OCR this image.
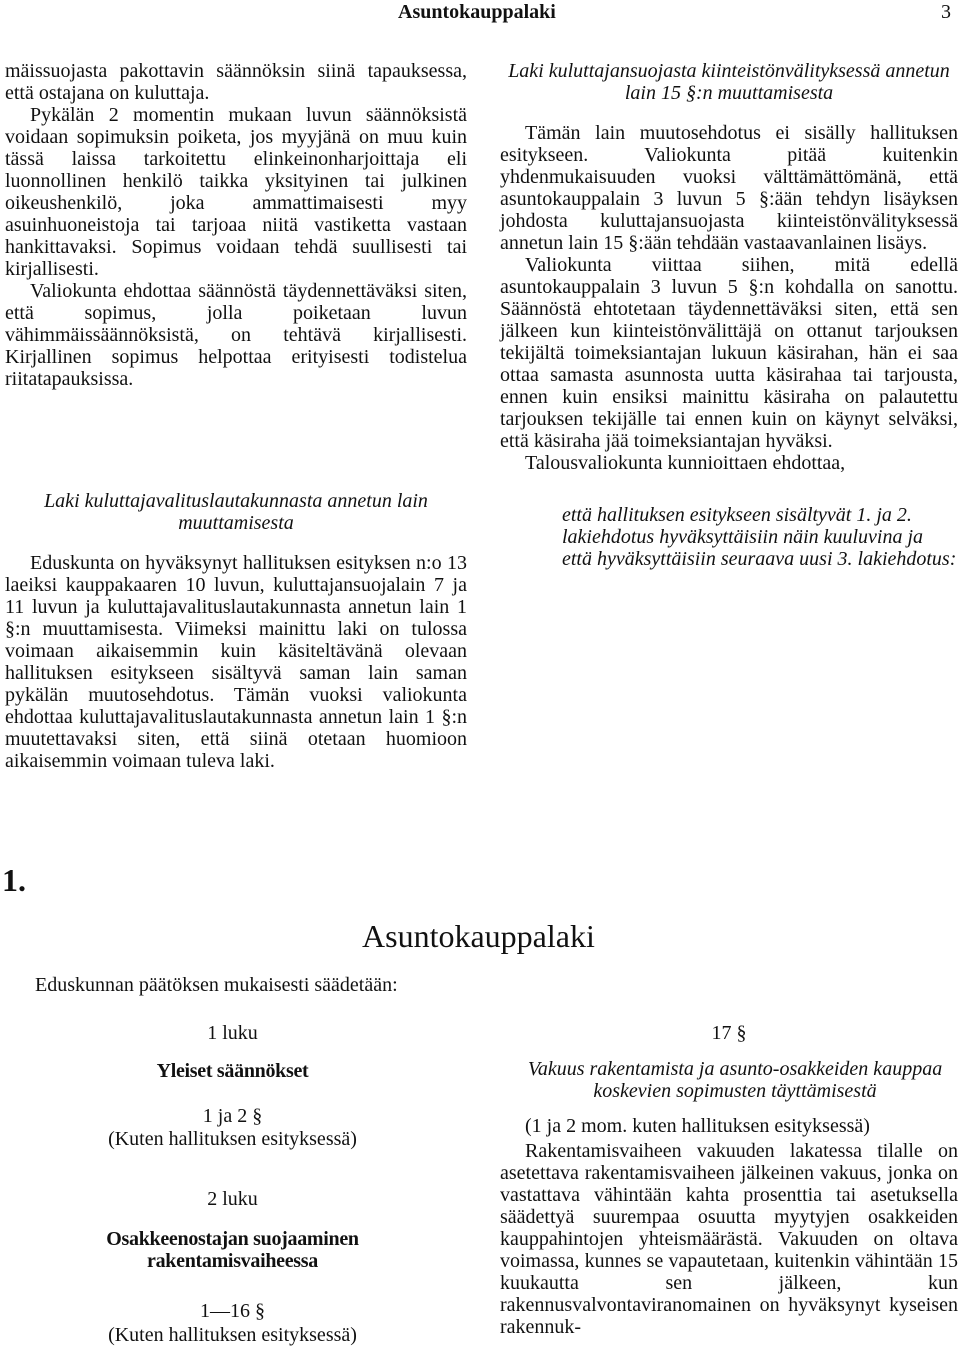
Asuntokauppalaki	3

mäissuojasta pakottavin säännöksin siinä tapauksessa, että ostajana on kuluttaja.

Pykälän 2 momentin mukaan luvun säännöksistä voidaan sopimuksin poiketa, jos myyjänä on muu kuin tässä laissa tarkoitettu elinkeinonharjoittaja eli luonnollinen henkilö taikka yksityinen tai julkinen oikeushenkilö, joka ammattimaisesti myy asuinhuoneistoja tai tarjoaa niitä vastiketta vastaan hankittavaksi. Sopimus voidaan tehdä suullisesti tai kirjallisesti.

Valiokunta ehdottaa säännöstä täydennettäväksi siten, että sopimus, jolla poiketaan luvun vähimmäissäännöksistä, on tehtävä kirjallisesti. Kirjallinen sopimus helpottaa erityisesti todistelua riitatapauksissa.

Laki kuluttajavalituslautakunnasta annetun lain muuttamisesta

Eduskunta on hyväksynyt hallituksen esityksen n:o 13 laeiksi kauppakaaren 10 luvun, kuluttajansuojalain 7 ja 11 luvun ja kuluttajavalituslautakunnasta annetun lain 1 §:n muuttamisesta. Viimeksi mainittu laki on tulossa voimaan aikaisemmin kuin käsiteltävänä olevaan hallituksen esitykseen sisältyvä saman lain saman pykälän muutosehdotus. Tämän vuoksi valiokunta ehdottaa kuluttajavalituslautakunnasta annetun lain 1 §:n muutettavaksi siten, että siinä otetaan huomioon aikaisemmin voimaan tuleva laki.

Laki kuluttajansuojasta kiinteistönvälityksessä annetun lain 15 §:n muuttamisesta

Tämän lain muutosehdotus ei sisälly hallituksen esitykseen. Valiokunta pitää kuitenkin yhdenmukaisuuden vuoksi välttämättömänä, että asuntokauppalain 3 luvun 5 §:ään tehdyn lisäyksen johdosta kuluttajansuojasta kiinteistönvälityksessä annetun lain 15 §:ään tehdään vastaavanlainen lisäys.

Valiokunta viittaa siihen, mitä edellä asuntokauppalain 3 luvun 5 §:n kohdalla on sanottu. Säännöstä ehtotetaan täydennettäväksi siten, että sen jälkeen kun kiinteistönvälittäjä on ottanut tarjouksen tekijältä toimeksiantajan lukuun käsirahan, hän ei saa ottaa samasta asunnosta uutta käsirahaa tai tarjousta, ennen kuin ensiksi mainittu käsiraha on palautettu tarjouksen tekijälle tai ennen kuin on käynyt selväksi, että käsiraha jää toimeksiantajan hyväksi.

Talousvaliokunta kunnioittaen ehdottaa,

että hallituksen esitykseen sisältyvät 1. ja 2. lakiehdotus hyväksyttäisiin näin kuuluvina ja

että hyväksyttäisiin seuraava uusi 3. lakiehdotus:

1.
Asuntokauppalaki
Eduskunnan päätöksen mukaisesti säädetään:
1 luku
Yleiset säännökset
1 ja 2 §
(Kuten hallituksen esityksessä)
2 luku
Osakkeenostajan suojaaminen rakentamisvaiheessa
1—16 §
(Kuten hallituksen esityksessä)
17 §
Vakuus rakentamista ja asunto-osakkeiden kauppaa koskevien sopimusten täyttämisestä

(1 ja 2 mom. kuten hallituksen esityksessä)

Rakentamisvaiheen vakuuden lakatessa tilalle on asetettava rakentamisvaiheen jälkeinen vakuus, jonka on vastattava vähintään kahta prosenttia tai asetuksella säädettyä suurempaa osuutta myytyjen osakkeiden kauppahintojen yhteismäärästä. Vakuuden on oltava voimassa, kunnes se vapautetaan, kuitenkin vähintään 15 kuukautta sen jälkeen, kun rakennusvalvontaviranomainen on hyväksynyt kyseisen rakennuk-
